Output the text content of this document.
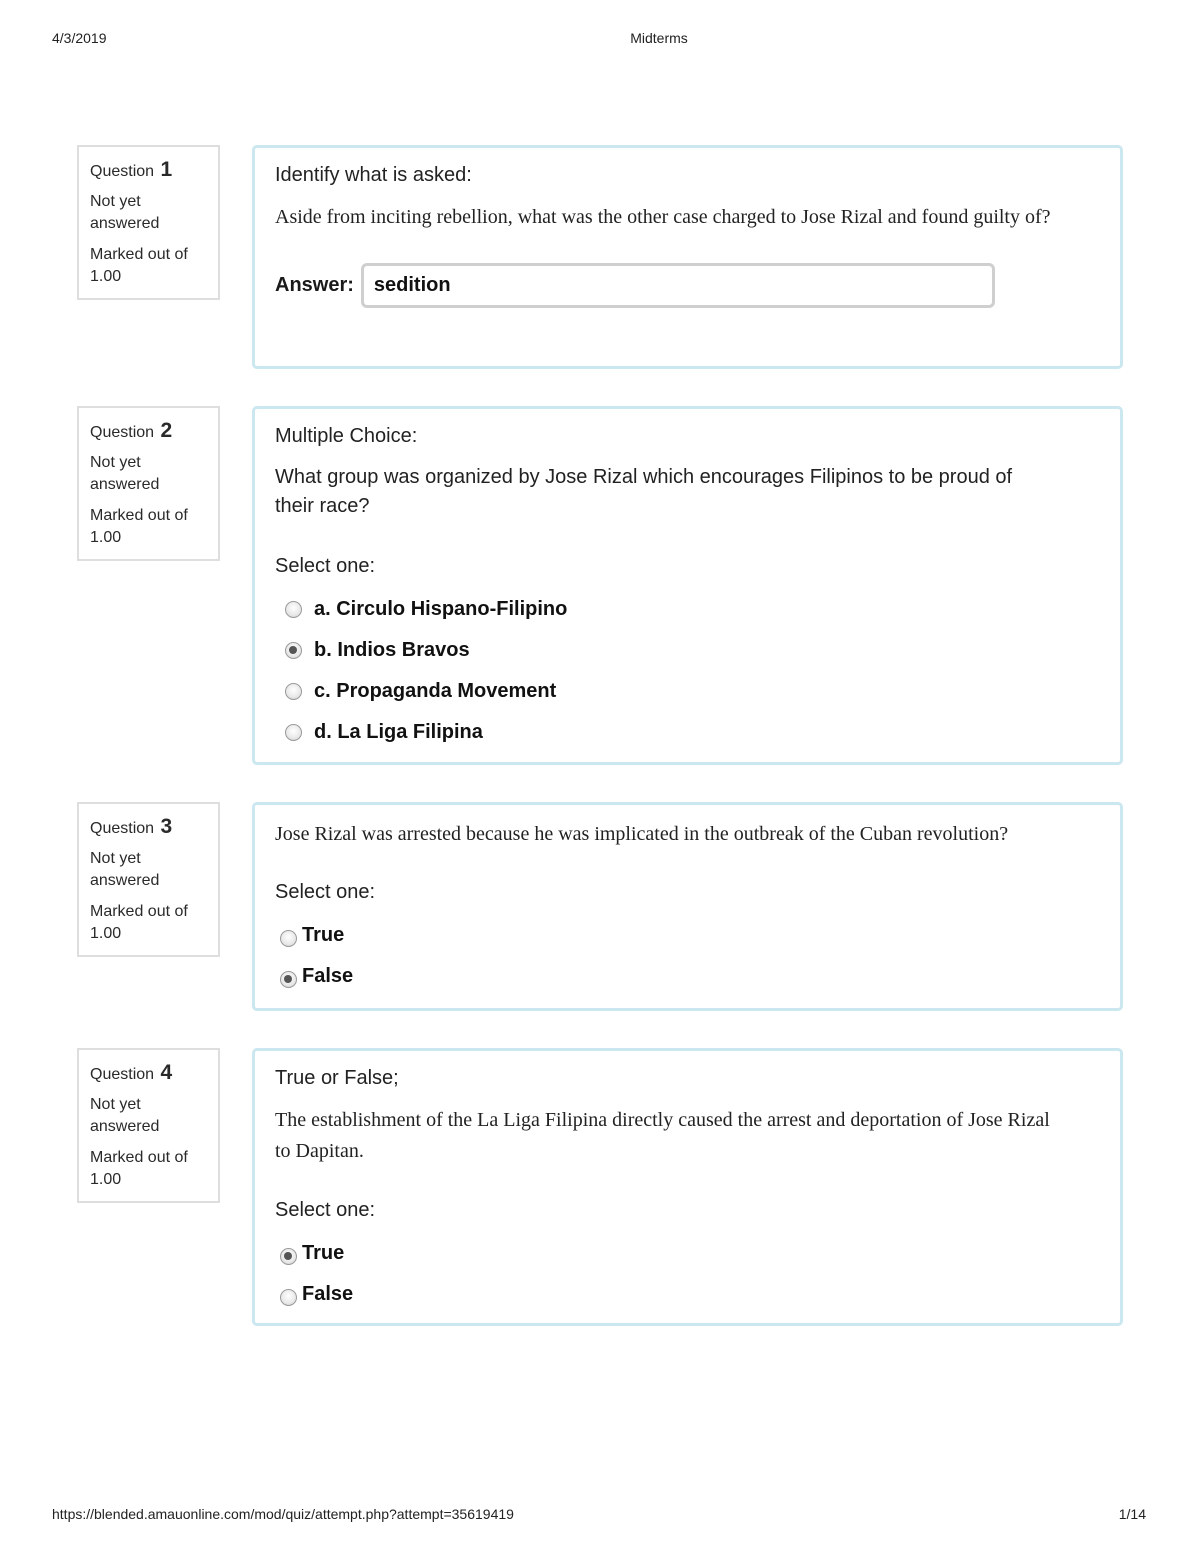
4/3/2019	Midterms
Question 1
Not yet answered
Marked out of 1.00
Identify what is asked:

Aside from inciting rebellion, what was the other case charged to Jose Rizal and found guilty of?

Answer:
sedition
Question 2
Not yet answered
Marked out of 1.00
Multiple Choice:

What group was organized by Jose Rizal which encourages Filipinos to be proud of their race?

Select one:
a. Circulo Hispano-Filipino
b. Indios Bravos
c. Propaganda Movement
d. La Liga Filipina
Question 3
Not yet answered
Marked out of 1.00

Jose Rizal was arrested because he was implicated in the outbreak of the Cuban revolution?

Select one:
True
False
Question 4
Not yet answered
Marked out of 1.00
True or False;

The establishment of the La Liga Filipina directly caused the arrest and deportation of Jose Rizal to Dapitan.

Select one:
True
False
https://blended.amauonline.com/mod/quiz/attempt.php?attempt=35619419	1/14
